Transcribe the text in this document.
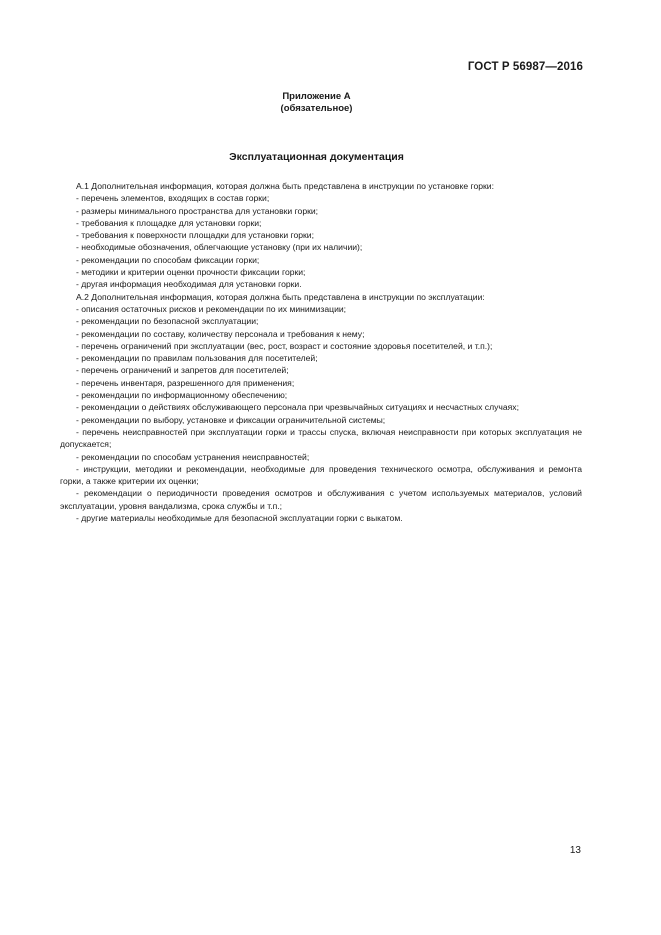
ГОСТ Р 56987—2016
Приложение А
(обязательное)
Эксплуатационная документация
А.1 Дополнительная информация, которая должна быть представлена в инструкции по установке горки:
- перечень элементов, входящих в состав горки;
- размеры минимального пространства для установки горки;
- требования к площадке для установки горки;
- требования к поверхности площадки для установки горки;
- необходимые обозначения, облегчающие установку (при их наличии);
- рекомендации по способам фиксации горки;
- методики и критерии оценки прочности фиксации горки;
- другая информация необходимая для установки горки.
А.2 Дополнительная информация, которая должна быть представлена в инструкции по эксплуатации:
- описания остаточных рисков и рекомендации по их минимизации;
- рекомендации по безопасной эксплуатации;
- рекомендации по составу, количеству персонала и требования к нему;
- перечень ограничений при эксплуатации (вес, рост, возраст и состояние здоровья посетителей, и т.п.);
- рекомендации по правилам пользования для посетителей;
- перечень ограничений и запретов для посетителей;
- перечень инвентаря, разрешенного для применения;
- рекомендации по информационному обеспечению;
- рекомендации о действиях обслуживающего персонала при чрезвычайных ситуациях и несчастных случаях;
- рекомендации по выбору, установке и фиксации ограничительной системы;
- перечень неисправностей при эксплуатации горки и трассы спуска, включая неисправности при которых эксплуатация не допускается;
- рекомендации по способам устранения неисправностей;
- инструкции, методики и рекомендации, необходимые для проведения технического осмотра, обслуживания и ремонта горки, а также критерии их оценки;
- рекомендации о периодичности проведения осмотров и обслуживания с учетом используемых материалов, условий эксплуатации, уровня вандализма, срока службы и т.п.;
- другие материалы необходимые для безопасной эксплуатации горки с выкатом.
13
